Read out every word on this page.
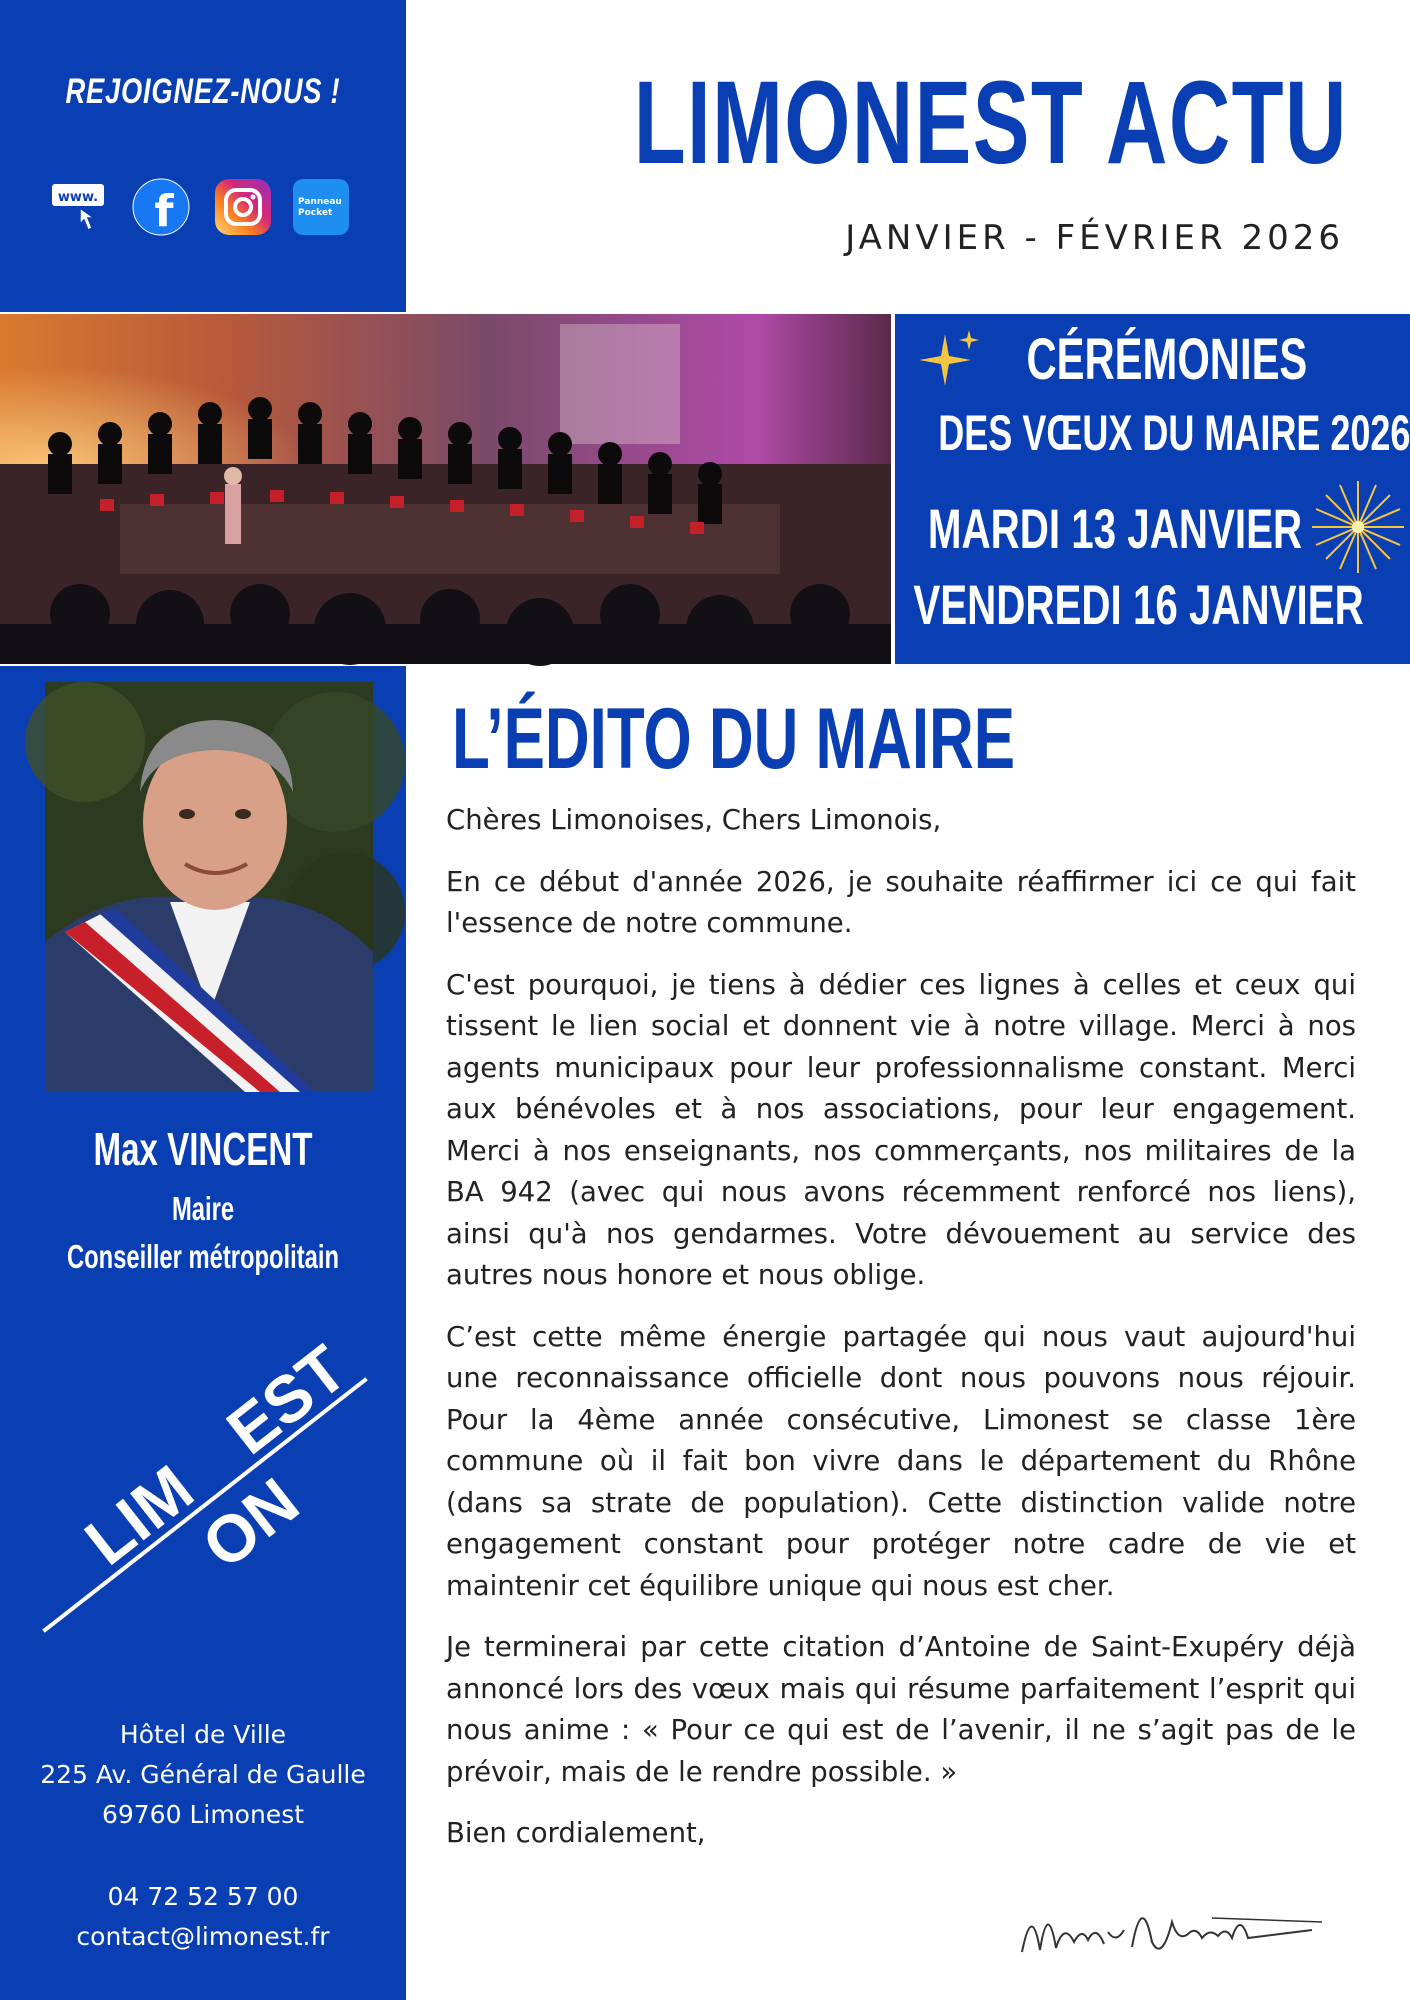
REJOIGNEZ-NOUS !
www. f	Panneau
Pocket
LIMONEST ACTU
JANVIER - FÉVRIER 2026
CÉRÉMONIES
DES VŒUX DU MAIRE 2026
MARDI 13 JANVIER
VENDREDI 16 JANVIER
Max VINCENT
Maire
Conseiller métropolitain
LIM
ON
EST
Hôtel de Ville
225 Av. Général de Gaulle
69760 Limonest
04 72 52 57 00
contact@limonest.fr
L’ÉDITO DU MAIRE

Chères Limonoises, Chers Limonois,

En ce début d'année 2026, je souhaite réaffirmer ici ce qui fait l'essence de notre commune.

C'est pourquoi, je tiens à dédier ces lignes à celles et ceux qui tissent le lien social et donnent vie à notre village. Merci à nos agents municipaux pour leur professionnalisme constant. Merci aux bénévoles et à nos associations, pour leur engagement. Merci à nos enseignants, nos commerçants, nos militaires de la BA 942 (avec qui nous avons récemment renforcé nos liens), ainsi qu'à nos gendarmes. Votre dévouement au service des autres nous honore et nous oblige.

C’est cette même énergie partagée qui nous vaut aujourd'hui une reconnaissance officielle dont nous pouvons nous réjouir. Pour la 4ème année consécutive, Limonest se classe 1ère commune où il fait bon vivre dans le département du Rhône (dans sa strate de population). Cette distinction valide notre engagement constant pour protéger notre cadre de vie et maintenir cet équilibre unique qui nous est cher.

Je terminerai par cette citation d’Antoine de Saint-Exupéry déjà annoncé lors des vœux mais qui résume parfaitement l’esprit qui nous anime : « Pour ce qui est de l’avenir, il ne s’agit pas de le prévoir, mais de le rendre possible. »

Bien cordialement,
